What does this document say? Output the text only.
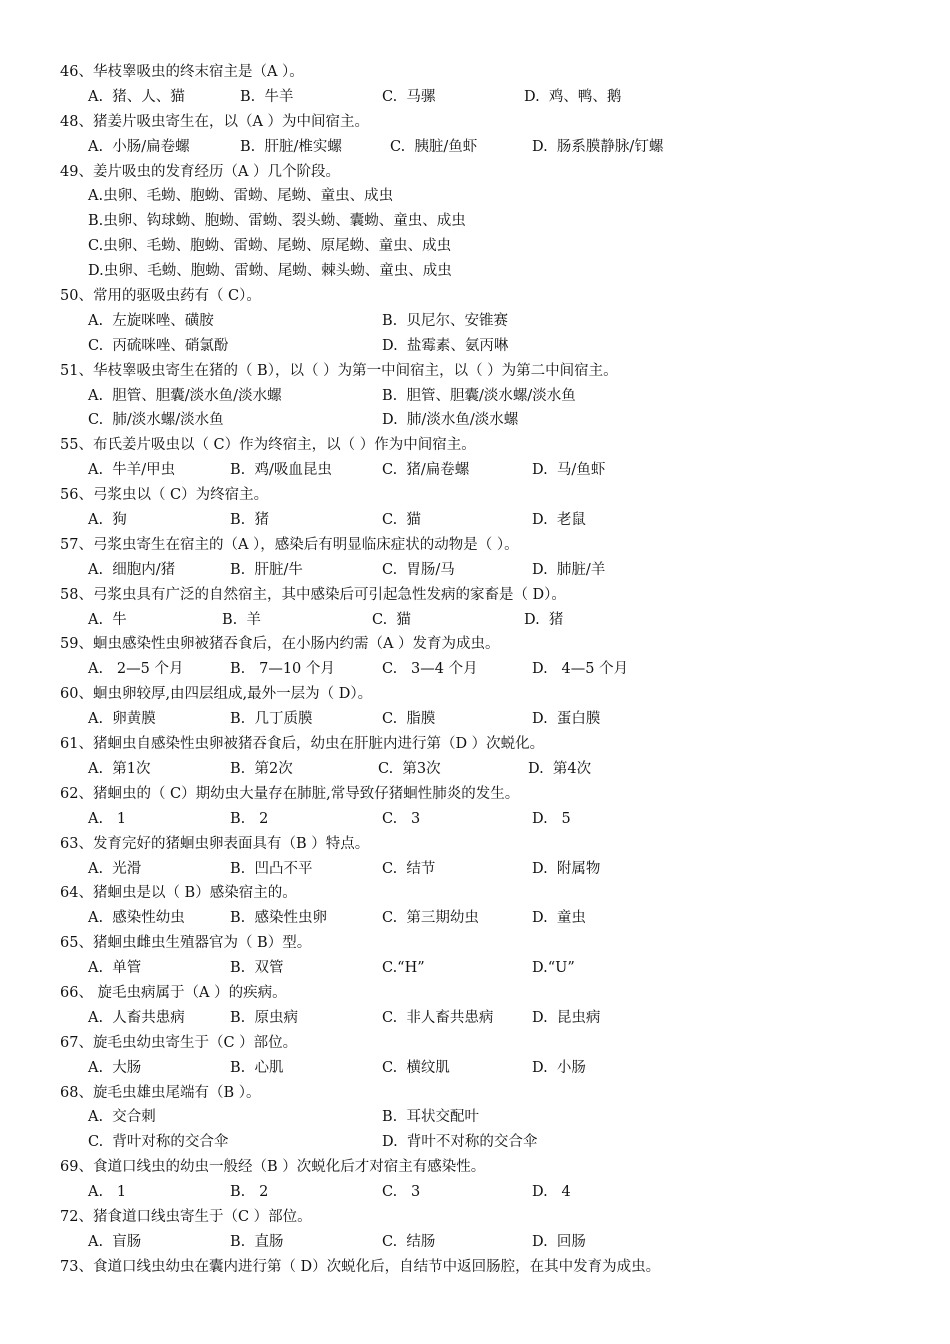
46、华枝睾吸虫的终末宿主是（A ）。
A.  猪、人、猫	B.  牛羊	C.  马骡	D.  鸡、鸭、鹅
48、猪姜片吸虫寄生在，以（A ）为中间宿主。
A.  小肠/扁卷螺	B.  肝脏/椎实螺	C.  胰脏/鱼虾	D.  肠系膜静脉/钉螺
49、姜片吸虫的发育经历（A ）几个阶段。
A.虫卵、毛蚴、胞蚴、雷蚴、尾蚴、童虫、成虫
B.虫卵、钩球蚴、胞蚴、雷蚴、裂头蚴、囊蚴、童虫、成虫
C.虫卵、毛蚴、胞蚴、雷蚴、尾蚴、原尾蚴、童虫、成虫
D.虫卵、毛蚴、胞蚴、雷蚴、尾蚴、棘头蚴、童虫、成虫
50、常用的驱吸虫药有（ C）。
A.  左旋咪唑、磺胺	B.  贝尼尔、安锥赛
C.  丙硫咪唑、硝氯酚	D.  盐霉素、氨丙啉
51、华枝睾吸虫寄生在猪的（ B），以（ ）为第一中间宿主，以（ ）为第二中间宿主。
A.  胆管、胆囊/淡水鱼/淡水螺	B.  胆管、胆囊/淡水螺/淡水鱼
C.  肺/淡水螺/淡水鱼	D.  肺/淡水鱼/淡水螺
55、布氏姜片吸虫以（ C）作为终宿主，以（ ）作为中间宿主。
A.  牛羊/甲虫	B.  鸡/吸血昆虫	C.  猪/扁卷螺	D.  马/鱼虾
56、弓浆虫以（ C）为终宿主。
A.  狗	B.  猪	C.  猫	D.  老鼠
57、弓浆虫寄生在宿主的（A ），感染后有明显临床症状的动物是（ ）。
A.  细胞内/猪	B.  肝脏/牛	C.  胃肠/马	D.  肺脏/羊
58、弓浆虫具有广泛的自然宿主，其中感染后可引起急性发病的家畜是（ D）。
A.  牛	B.  羊	C.  猫	D.  猪
59、蛔虫感染性虫卵被猪吞食后，在小肠内约需（A ）发育为成虫。
A.   2—5 个月	B.   7—10 个月	C.   3—4 个月	D.   4—5 个月
60、蛔虫卵较厚,由四层组成,最外一层为（ D）。
A.  卵黄膜	B.  几丁质膜	C.  脂膜	D.  蛋白膜
61、猪蛔虫自感染性虫卵被猪吞食后，幼虫在肝脏内进行第（D ）次蜕化。
A.  第1次	B.  第2次	C.  第3次	D.  第4次
62、猪蛔虫的（ C）期幼虫大量存在肺脏,常导致仔猪蛔性肺炎的发生。
A.   1	B.   2	C.   3	D.   5
63、发育完好的猪蛔虫卵表面具有（B ）特点。
A.  光滑	B.  凹凸不平	C.  结节	D.  附属物
64、猪蛔虫是以（ B）感染宿主的。
A.  感染性幼虫	B.  感染性虫卵	C.  第三期幼虫	D.  童虫
65、猪蛔虫雌虫生殖器官为（ B）型。
A.  单管	B.  双管	C.“H”	D.“U”
66、 旋毛虫病属于（A ）的疾病。
A.  人畜共患病	B.  原虫病	C.  非人畜共患病	D.  昆虫病
67、旋毛虫幼虫寄生于（C ）部位。
A.  大肠	B.  心肌	C.  横纹肌	D.  小肠
68、旋毛虫雄虫尾端有（B ）。
A.  交合刺	B.  耳状交配叶
C.  背叶对称的交合伞	D.  背叶不对称的交合伞
69、食道口线虫的幼虫一般经（B ）次蜕化后才对宿主有感染性。
A.   1	B.   2	C.   3	D.   4
72、猪食道口线虫寄生于（C ）部位。
A.  盲肠	B.  直肠	C.  结肠	D.  回肠
73、食道口线虫幼虫在囊内进行第（ D）次蜕化后，自结节中返回肠腔，在其中发育为成虫。
